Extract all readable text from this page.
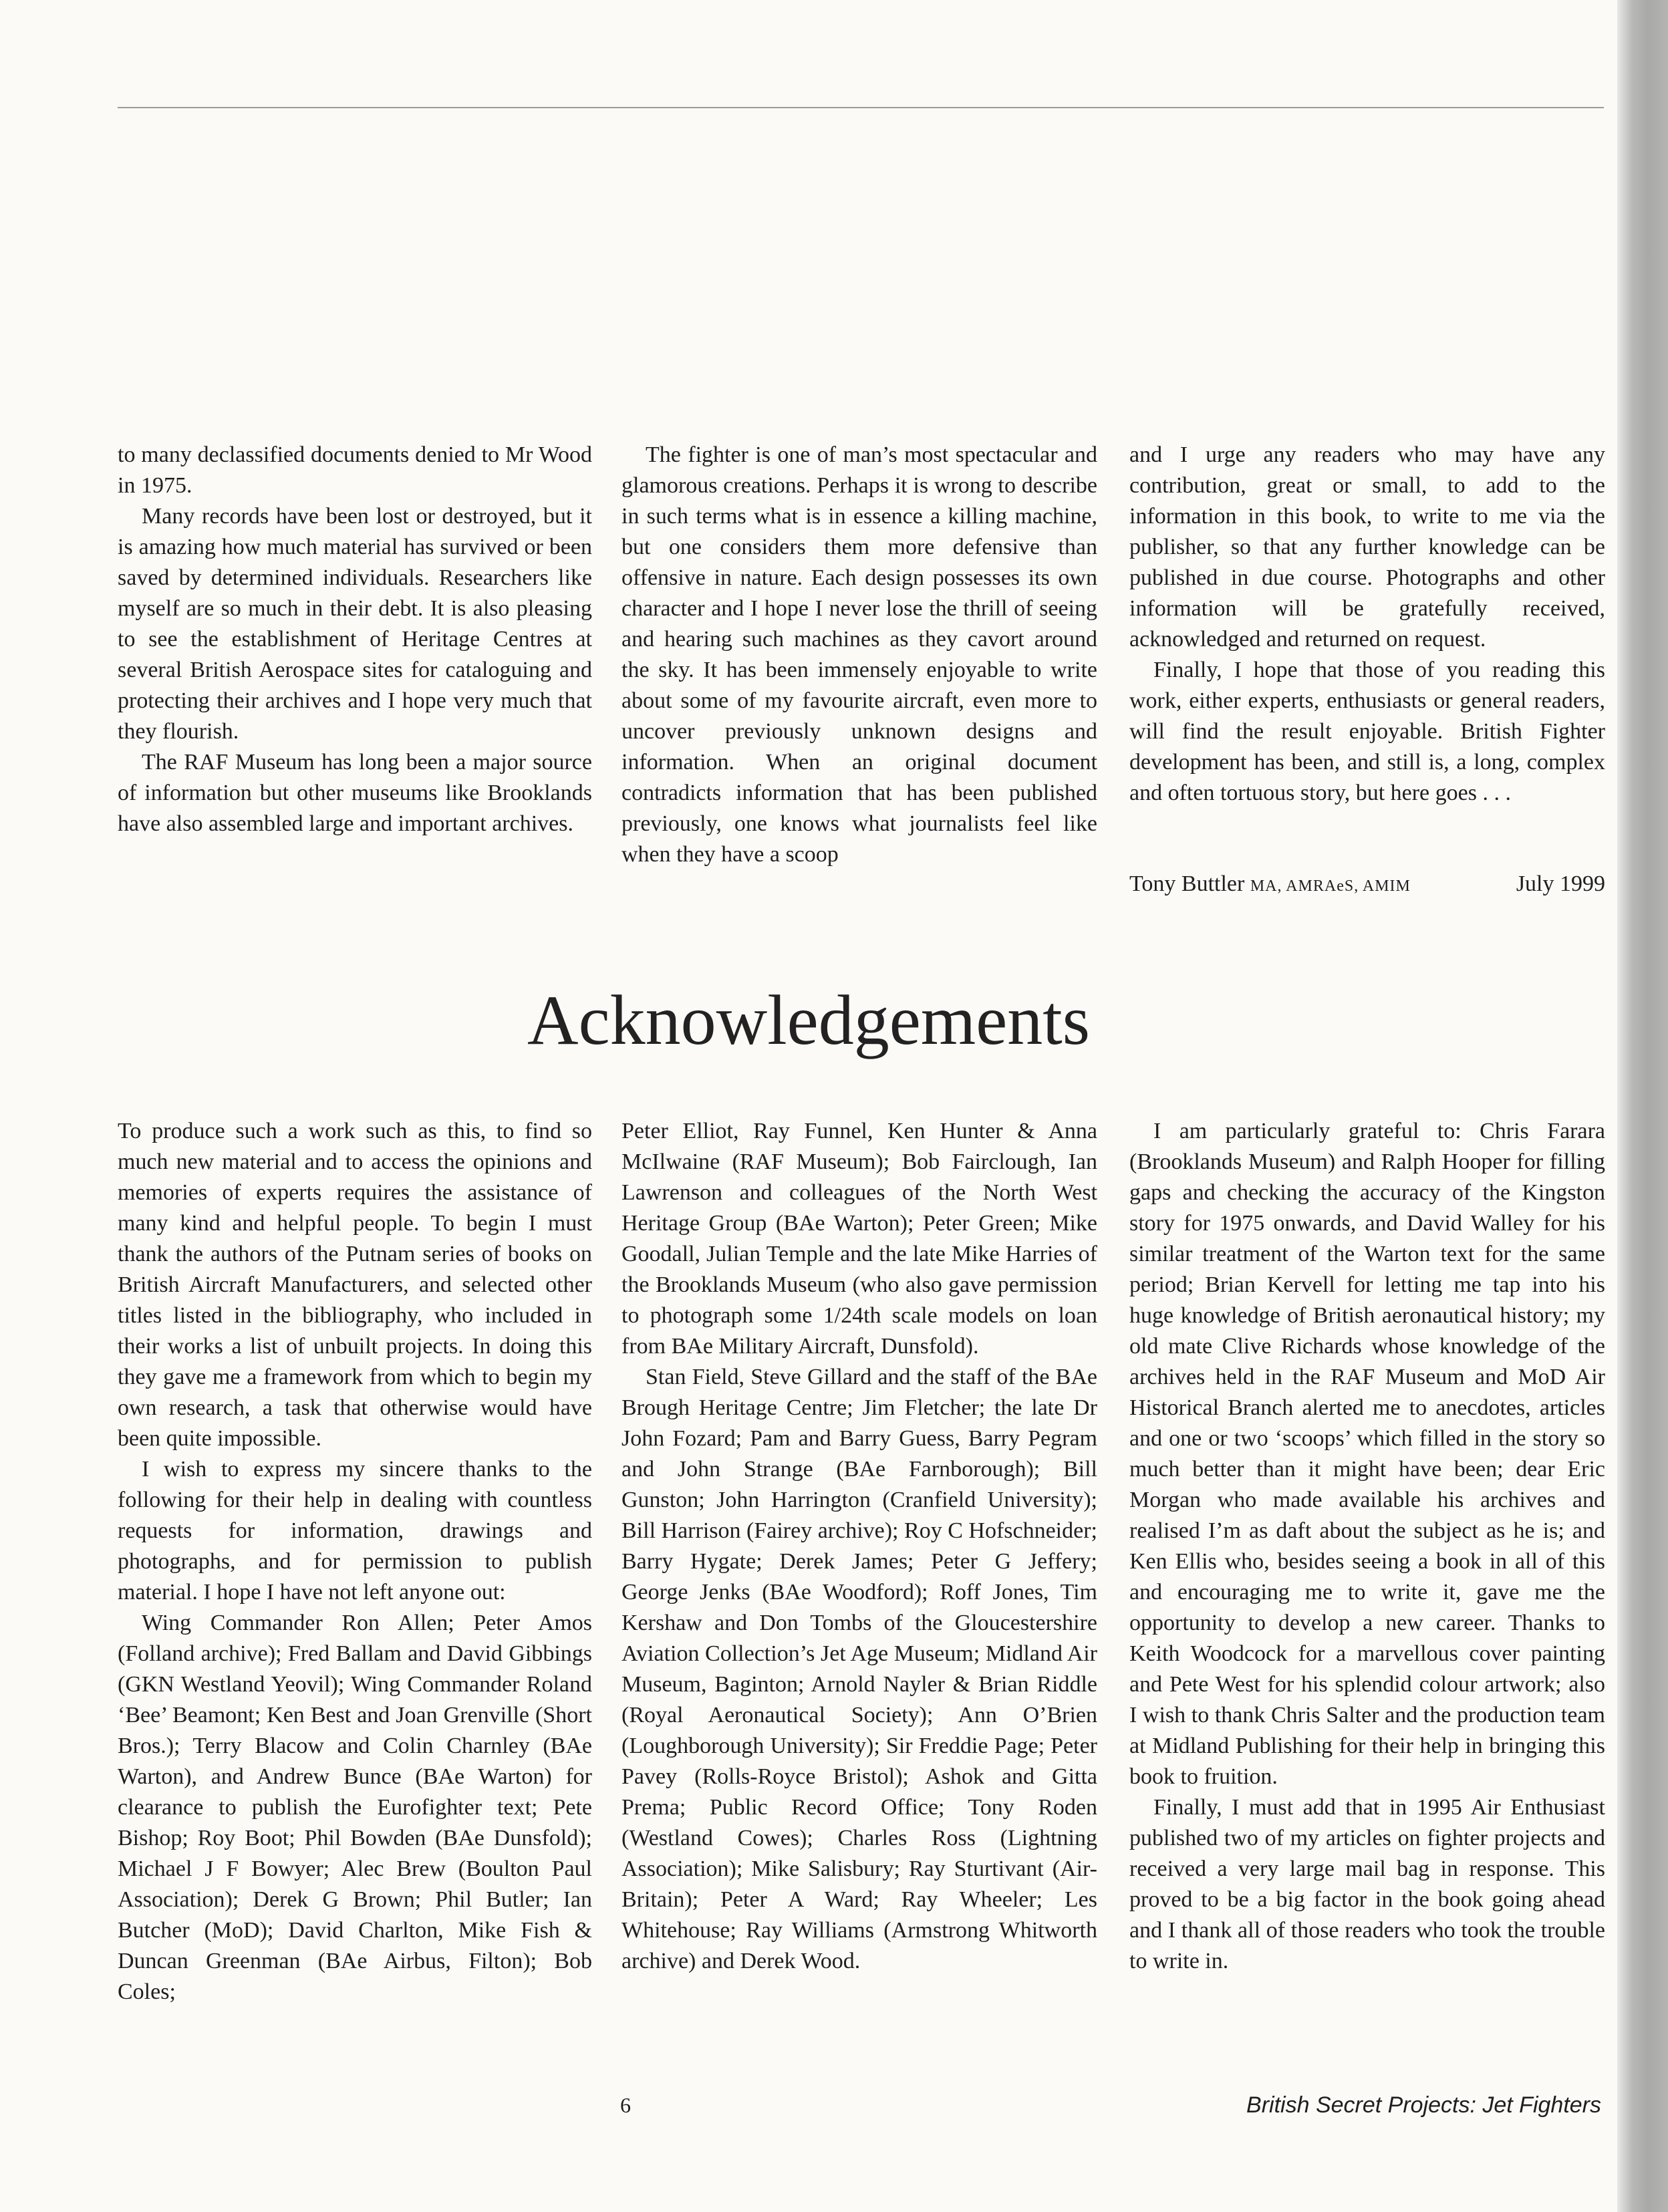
to many declassified documents denied to Mr Wood in 1975.

Many records have been lost or destroyed, but it is amazing how much material has survived or been saved by determined individuals. Researchers like myself are so much in their debt. It is also pleasing to see the establishment of Heritage Centres at several British Aerospace sites for cataloguing and protecting their archives and I hope very much that they flourish.

The RAF Museum has long been a major source of information but other museums like Brooklands have also assembled large and important archives.

The fighter is one of man’s most spectacular and glamorous creations. Perhaps it is wrong to describe in such terms what is in essence a killing machine, but one considers them more defensive than offensive in nature. Each design possesses its own character and I hope I never lose the thrill of seeing and hearing such machines as they cavort around the sky. It has been immensely enjoyable to write about some of my favourite aircraft, even more to uncover previously unknown designs and information. When an original document contradicts information that has been published previously, one knows what journalists feel like when they have a scoop

and I urge any readers who may have any contribution, great or small, to add to the information in this book, to write to me via the publisher, so that any further knowledge can be published in due course. Photographs and other information will be gratefully received, acknowledged and returned on request.

Finally, I hope that those of you reading this work, either experts, enthusiasts or general readers, will find the result enjoyable. British Fighter development has been, and still is, a long, complex and often tortuous story, but here goes . . .

Tony Buttler MA, AMRAeS, AMIM	July 1999
Acknowledgements

To produce such a work such as this, to find so much new material and to access the opinions and memories of experts requires the assistance of many kind and helpful people. To begin I must thank the authors of the Putnam series of books on British Aircraft Manufacturers, and selected other titles listed in the bibliography, who included in their works a list of unbuilt projects. In doing this they gave me a framework from which to begin my own research, a task that otherwise would have been quite impossible.

I wish to express my sincere thanks to the following for their help in dealing with countless requests for information, drawings and photographs, and for permission to publish material. I hope I have not left anyone out:

Wing Commander Ron Allen; Peter Amos (Folland archive); Fred Ballam and David Gibbings (GKN Westland Yeovil); Wing Commander Roland ‘Bee’ Beamont; Ken Best and Joan Grenville (Short Bros.); Terry Blacow and Colin Charnley (BAe Warton), and Andrew Bunce (BAe Warton) for clearance to publish the Eurofighter text; Pete Bishop; Roy Boot; Phil Bowden (BAe Dunsfold); Michael J F Bowyer; Alec Brew (Boulton Paul Association); Derek G Brown; Phil Butler; Ian Butcher (MoD); David Charlton, Mike Fish & Duncan Greenman (BAe Airbus, Filton); Bob Coles;

Peter Elliot, Ray Funnel, Ken Hunter & Anna McIlwaine (RAF Museum); Bob Fairclough, Ian Lawrenson and colleagues of the North West Heritage Group (BAe Warton); Peter Green; Mike Goodall, Julian Temple and the late Mike Harries of the Brooklands Museum (who also gave permission to photograph some 1/24th scale models on loan from BAe Military Aircraft, Dunsfold).

Stan Field, Steve Gillard and the staff of the BAe Brough Heritage Centre; Jim Fletcher; the late Dr John Fozard; Pam and Barry Guess, Barry Pegram and John Strange (BAe Farnborough); Bill Gunston; John Harrington (Cranfield University); Bill Harrison (Fairey archive); Roy C Hofschneider; Barry Hygate; Derek James; Peter G Jeffery; George Jenks (BAe Woodford); Roff Jones, Tim Kershaw and Don Tombs of the Gloucestershire Aviation Collection’s Jet Age Museum; Midland Air Museum, Baginton; Arnold Nayler & Brian Riddle (Royal Aeronautical Society); Ann O’Brien (Loughborough University); Sir Freddie Page; Peter Pavey (Rolls-Royce Bristol); Ashok and Gitta Prema; Public Record Office; Tony Roden (Westland Cowes); Charles Ross (Lightning Association); Mike Salisbury; Ray Sturtivant (Air-Britain); Peter A Ward; Ray Wheeler; Les Whitehouse; Ray Williams (Armstrong Whitworth archive) and Derek Wood.

I am particularly grateful to: Chris Farara (Brooklands Museum) and Ralph Hooper for filling gaps and checking the accuracy of the Kingston story for 1975 onwards, and David Walley for his similar treatment of the Warton text for the same period; Brian Kervell for letting me tap into his huge knowledge of British aeronautical history; my old mate Clive Richards whose knowledge of the archives held in the RAF Museum and MoD Air Historical Branch alerted me to anecdotes, articles and one or two ‘scoops’ which filled in the story so much better than it might have been; dear Eric Morgan who made available his archives and realised I’m as daft about the subject as he is; and Ken Ellis who, besides seeing a book in all of this and encouraging me to write it, gave me the opportunity to develop a new career. Thanks to Keith Woodcock for a marvellous cover painting and Pete West for his splendid colour artwork; also I wish to thank Chris Salter and the production team at Midland Publishing for their help in bringing this book to fruition.

Finally, I must add that in 1995 Air Enthusiast published two of my articles on fighter projects and received a very large mail bag in response. This proved to be a big factor in the book going ahead and I thank all of those readers who took the trouble to write in.

6	British Secret Projects: Jet Fighters
